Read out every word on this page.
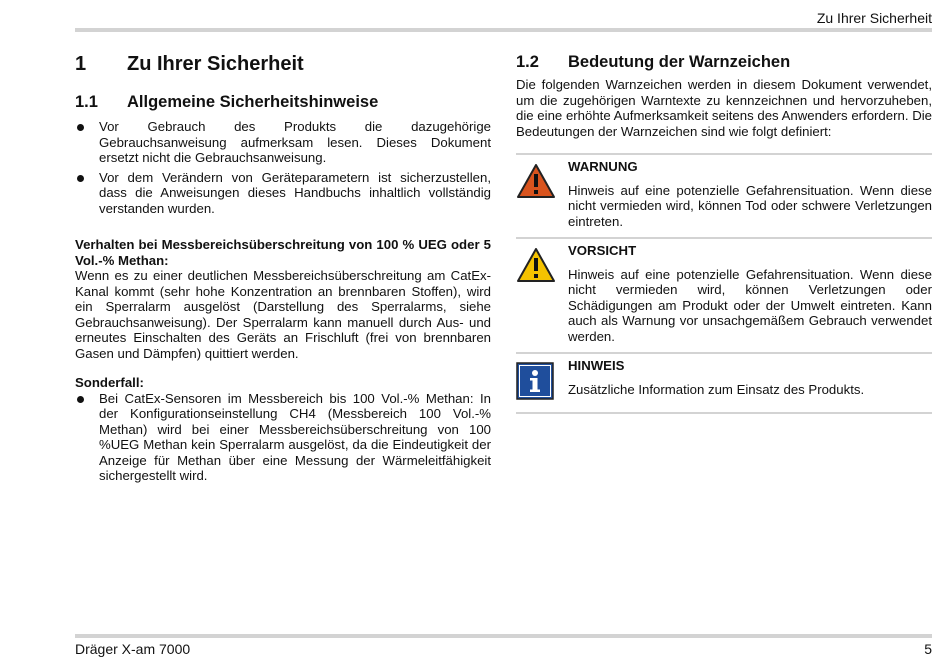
Zu Ihrer Sicherheit
1	Zu Ihrer Sicherheit
1.1	Allgemeine Sicherheitshinweise
Vor Gebrauch des Produkts die dazugehörige Gebrauchsanweisung aufmerksam lesen. Dieses Dokument ersetzt nicht die Gebrauchsanweisung.
Vor dem Verändern von Geräteparametern ist sicherzustellen, dass die Anweisungen dieses Handbuchs inhaltlich vollständig verstanden wurden.

Verhalten bei Messbereichsüberschreitung von 100 % UEG oder 5 Vol.-% Methan:

Wenn es zu einer deutlichen Messbereichsüberschreitung am CatEx-Kanal kommt (sehr hohe Konzentration an brennbaren Stoffen), wird ein Sperralarm ausgelöst (Darstellung des Sperralarms, siehe Gebrauchsanweisung). Der Sperralarm kann manuell durch Aus- und erneutes Einschalten des Geräts an Frischluft (frei von brennbaren Gasen und Dämpfen) quittiert werden.

Sonderfall:

Bei CatEx-Sensoren im Messbereich bis 100 Vol.-% Methan: In der Konfigurationseinstellung CH4 (Messbereich 100 Vol.-% Methan) wird bei einer Messbereichsüberschreitung von 100 %UEG Methan kein Sperralarm ausgelöst, da die Eindeutigkeit der Anzeige für Methan über eine Messung der Wärmeleitfähigkeit sichergestellt wird.
1.2	Bedeutung der Warnzeichen

Die folgenden Warnzeichen werden in diesem Dokument verwendet, um die zugehörigen Warntexte zu kennzeichnen und hervorzuheben, die eine erhöhte Aufmerksamkeit seitens des Anwenders erfordern. Die Bedeutungen der Warnzeichen sind wie folgt definiert:

WARNUNG
Hinweis auf eine potenzielle Gefahrensituation. Wenn diese nicht vermieden wird, können Tod oder schwere Verletzungen eintreten.
VORSICHT
Hinweis auf eine potenzielle Gefahrensituation. Wenn diese nicht vermieden wird, können Verletzungen oder Schädigungen am Produkt oder der Umwelt eintreten. Kann auch als Warnung vor unsachgemäßem Gebrauch verwendet werden.
HINWEIS
Zusätzliche Information zum Einsatz des Produkts.
Dräger X-am 7000	5
